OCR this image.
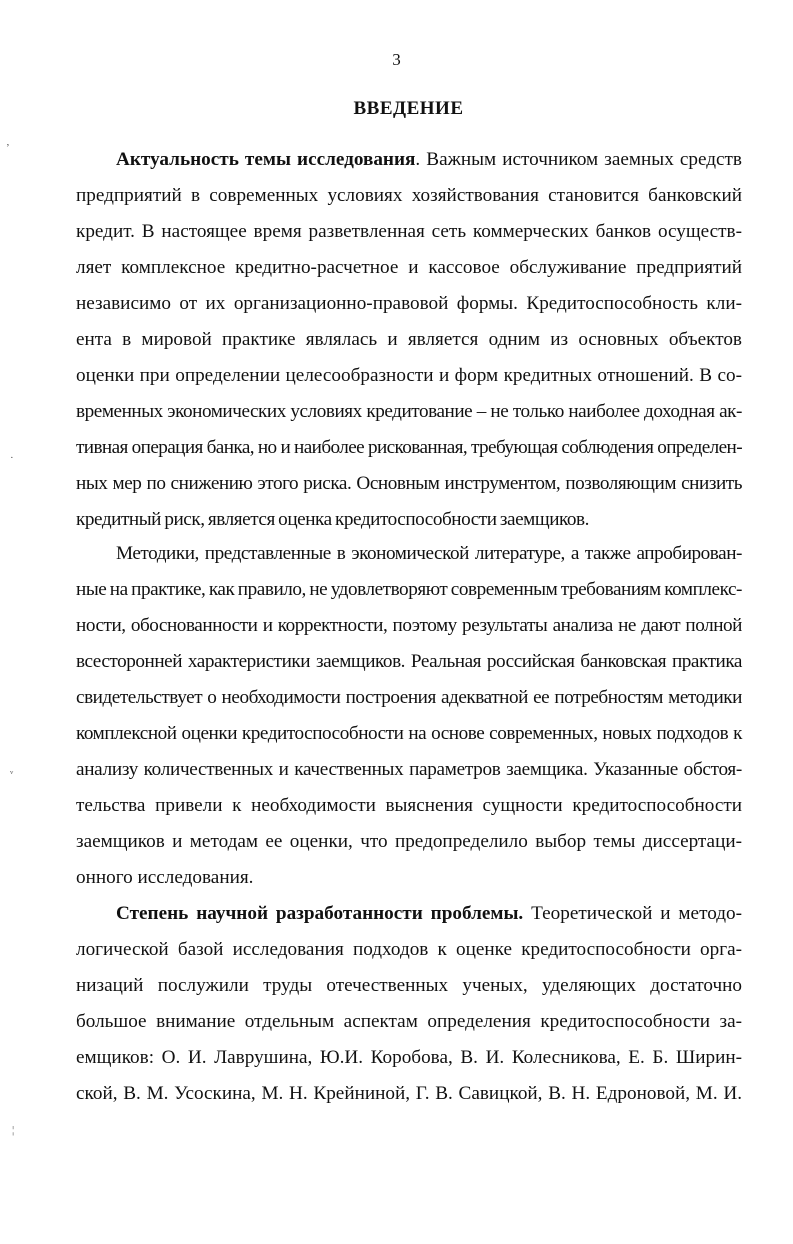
3
ВВЕДЕНИЕ
ʼ
·
ᵛ
¦
Актуальность темы исследования. Важным источником заемных средств
предприятий в современных условиях хозяйствования становится банковский
кредит. В настоящее время разветвленная сеть коммерческих банков осуществ-
ляет комплексное кредитно-расчетное и кассовое обслуживание предприятий
независимо от их организационно-правовой формы. Кредитоспособность кли-
ента в мировой практике являлась и является одним из основных объектов
оценки при определении целесообразности и форм кредитных отношений. В со-
временных экономических условиях кредитование – не только наиболее доходная ак-
тивная операция банка, но и наиболее рискованная, требующая соблюдения определен-
ных мер по снижению этого риска. Основным инструментом, позволяющим снизить
кредитный риск, является оценка кредитоспособности заемщиков.
Методики, представленные в экономической литературе, а также апробирован-
ные на практике, как правило, не удовлетворяют современным требованиям комплекс-
ности, обоснованности и корректности, поэтому результаты анализа не дают полной
всесторонней характеристики заемщиков. Реальная российская банковская практика
свидетельствует о необходимости построения адекватной ее потребностям методики
комплексной оценки кредитоспособности на основе современных, новых подходов к
анализу количественных и качественных параметров заемщика. Указанные обстоя-
тельства привели к необходимости выяснения сущности кредитоспособности
заемщиков и методам ее оценки, что предопределило выбор темы диссертаци-
онного исследования.
Степень научной разработанности проблемы. Теоретической и методо-
логической базой исследования подходов к оценке кредитоспособности орга-
низаций послужили труды отечественных ученых, уделяющих достаточно
большое внимание отдельным аспектам определения кредитоспособности за-
емщиков: О. И. Лаврушина, Ю.И. Коробова, В. И. Колесникова, Е. Б. Ширин-
ской, В. М. Усоскина, М. Н. Крейниной, Г. В. Савицкой, В. Н. Едроновой, М. И.
